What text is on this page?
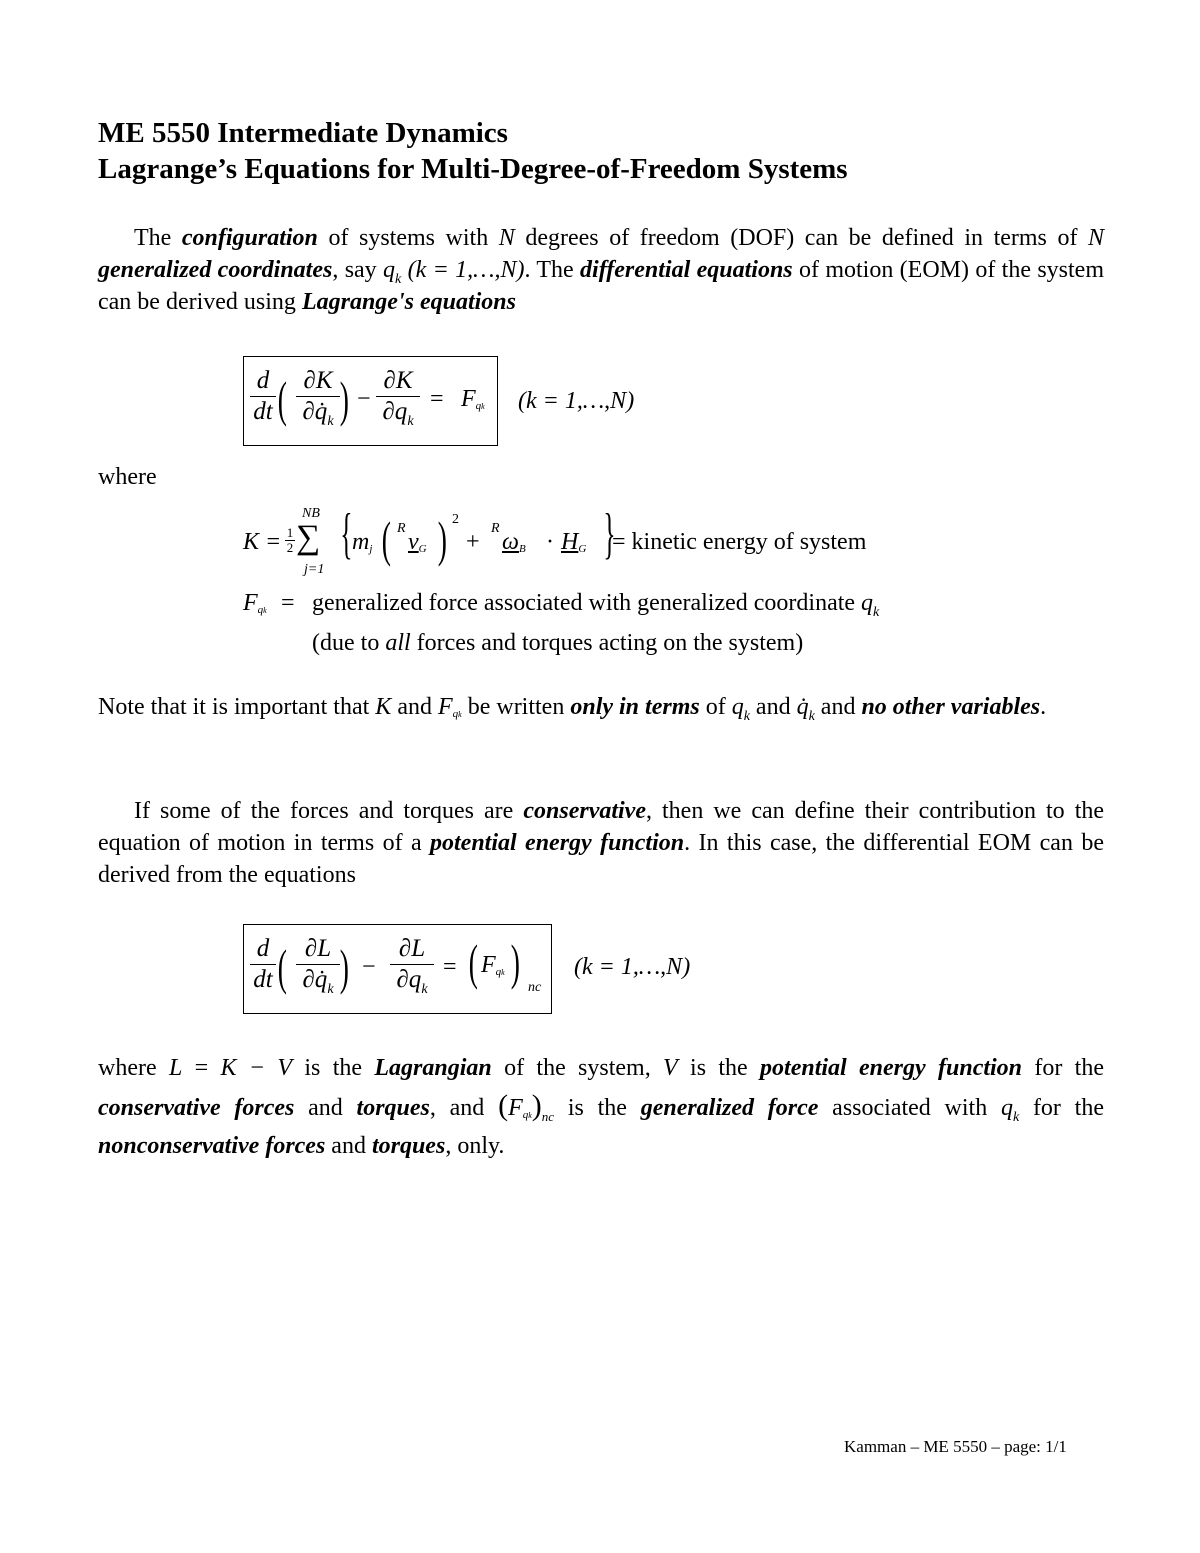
ME 5550 Intermediate Dynamics
Lagrange’s Equations for Multi-Degree-of-Freedom Systems
The configuration of systems with N degrees of freedom (DOF) can be defined in terms of N generalized coordinates, say $q_k$ (k = 1,…,N). The differential equations of motion (EOM) of the system can be derived using Lagrange's equations
$\frac{d}{dt}$ ( $\frac{\partial K}{\partial q̇_k}$ ) − $\frac{\partial K}{\partial q_k} = F_{qk}$ (k = 1,…,N)
where
K = 1
2 ∑
NB
j=1
{ $m_j$ ( R
$v_G$ ) 2
+
R
$\omega_B \cdot H_G$ }
= kinetic energy of system
$F_{qk}$ = generalized force associated with generalized coordinate $q_k$
(due to all forces and torques acting on the system)
Note that it is important that K and $F_{qk}$ be written only in terms of $q_k$ and $q̇_k$ and no other variables.
If some of the forces and torques are conservative, then we can define their contribution to the equation of motion in terms of a potential energy function. In this case, the differential EOM can be derived from the equations
$\frac{d}{dt}$ ( $\frac{\partial L}{\partial q̇_k}$ ) − $\frac{\partial L}{\partial q_k}$ = ( $F_{qk}$ ) nc
(k = 1,…,N)
where L = K − V is the Lagrangian of the system, V is the potential energy function for the conservative forces and torques, and $(F_{qk})_{nc}$ is the generalized force associated with $q_k$ for the nonconservative forces and torques, only.
Kamman – ME 5550 – page: 1/1
